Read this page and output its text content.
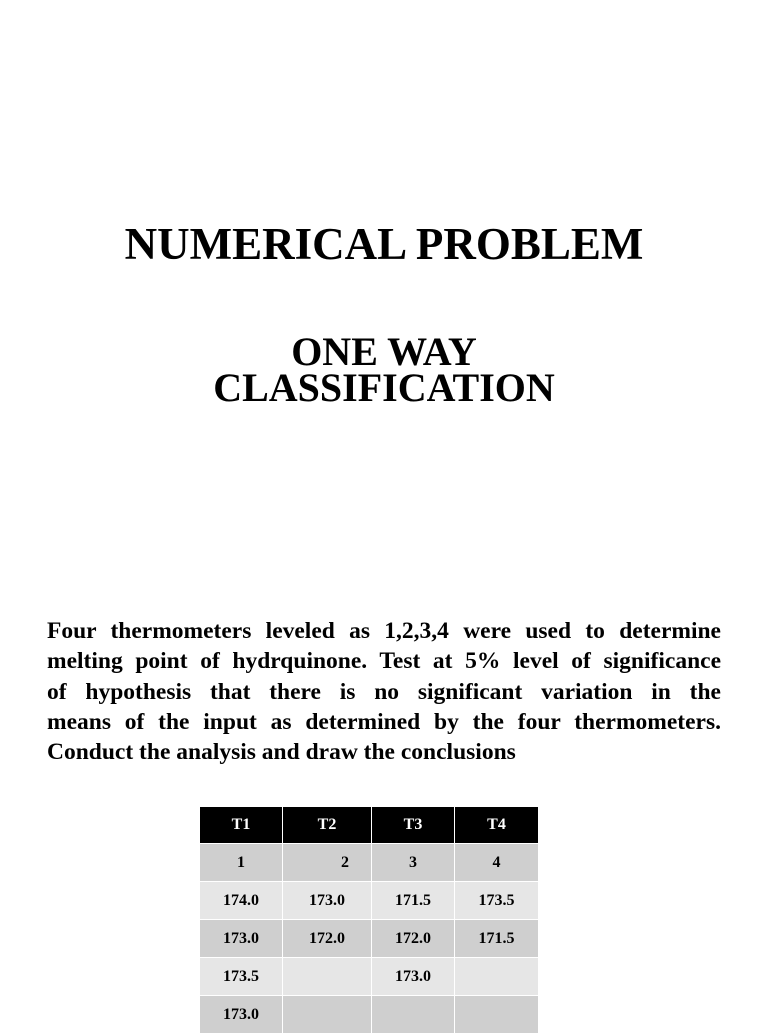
NUMERICAL PROBLEM
ONE WAY
CLASSIFICATION

Four thermometers leveled as 1,2,3,4 were used to determine
melting point of hydrquinone. Test at 5% level of significance
of hypothesis that there is no significant variation in the
means of the input as determined by the four thermometers.
Conduct the analysis and draw the conclusions

T1	T2	T3	T4
1	2	3	4
174.0	173.0	171.5	173.5
173.0	172.0	172.0	171.5
173.5		173.0	
173.0			
